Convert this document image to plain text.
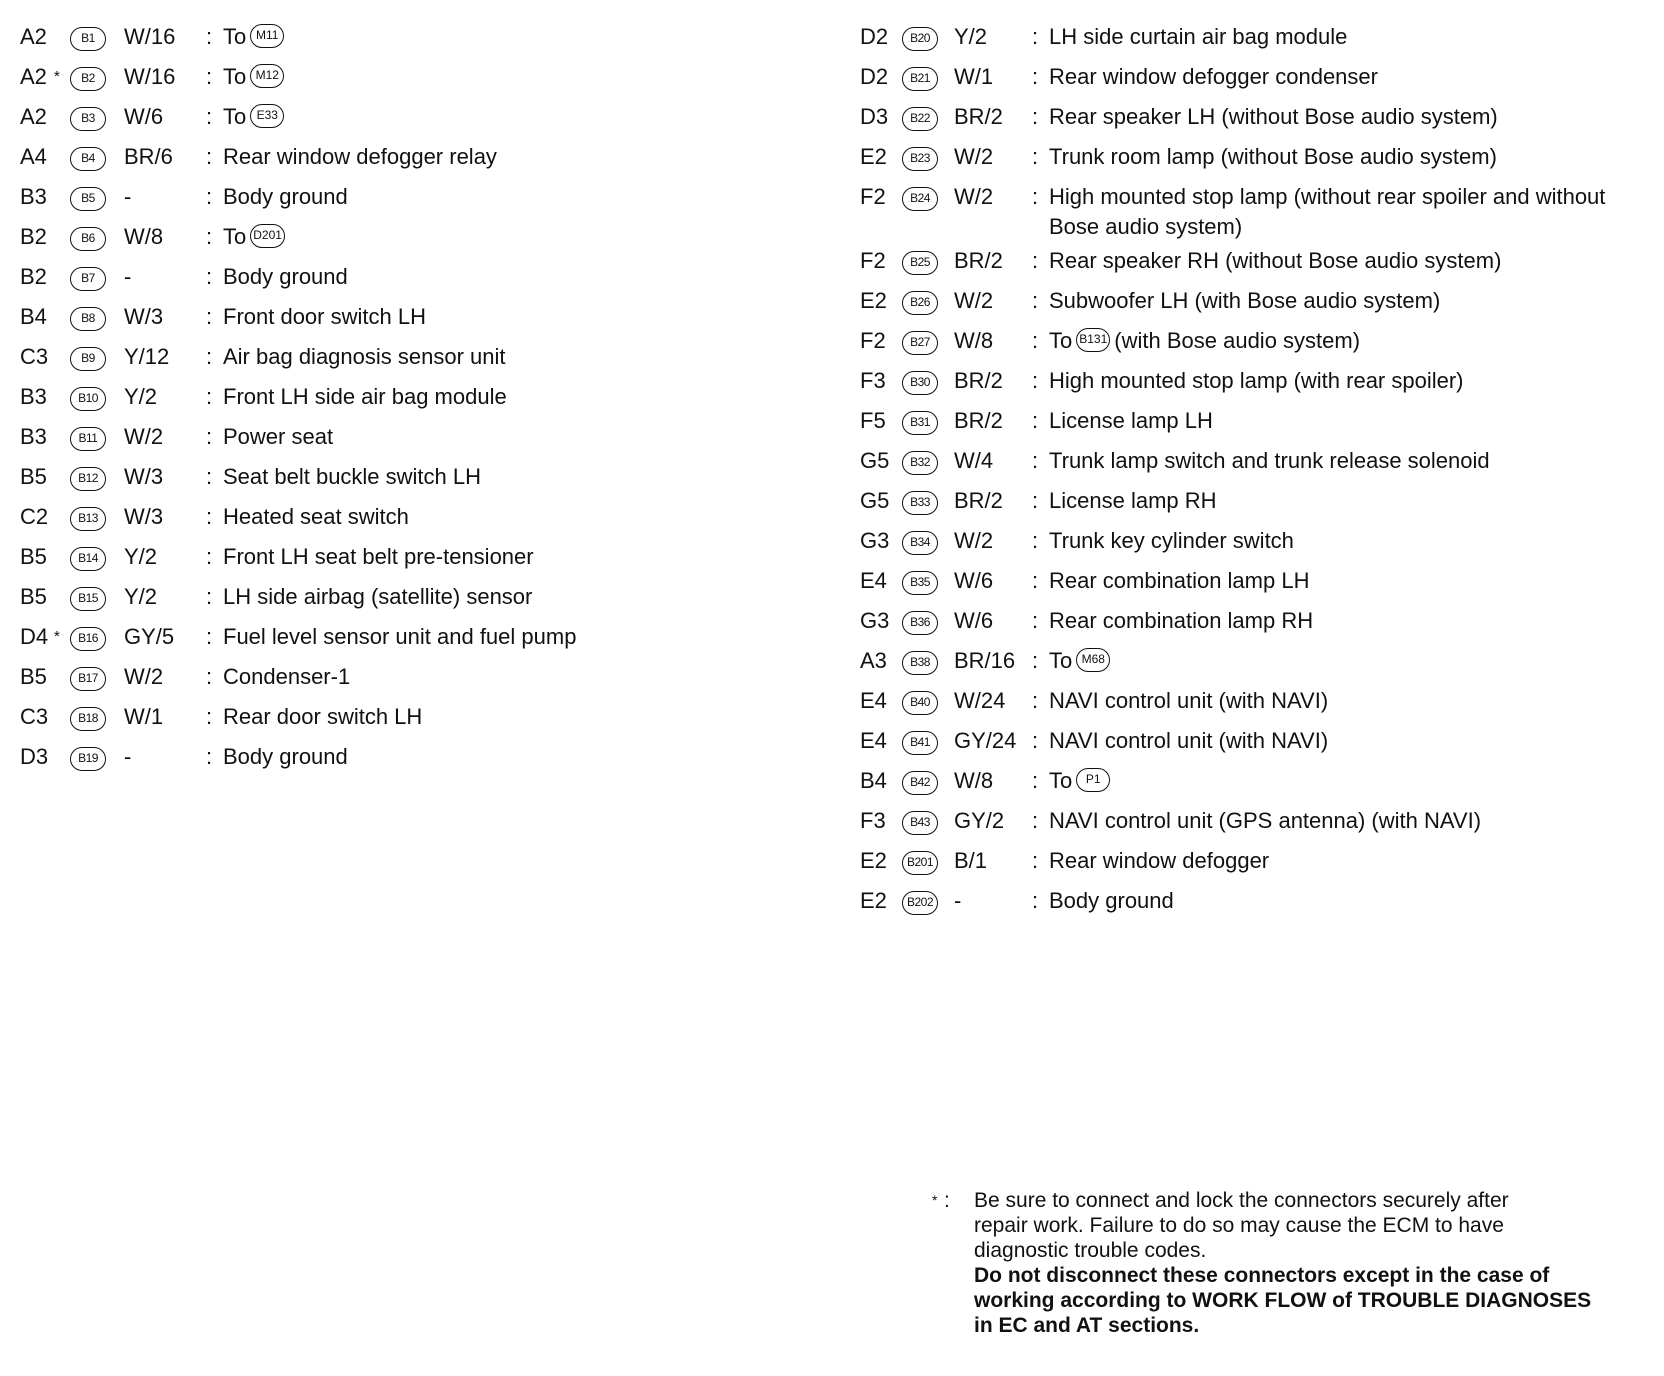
A2	B1	W/16 : To M11
A2 *	B2	W/16 : To M12
A2	B3	W/6 : To E33
A4	B4	BR/6 : Rear window defogger relay
B3	B5	-	: Body ground
B2	B6	W/8 : To D201
B2	B7	-	: Body ground
B4	B8	W/3 : Front door switch LH
C3	B9	Y/12 : Air bag diagnosis sensor unit
B3	B10	Y/2 : Front LH side air bag module
B3	B11	W/2 : Power seat
B5	B12	W/3 : Seat belt buckle switch LH
C2	B13	W/3 : Heated seat switch
B5	B14	Y/2 : Front LH seat belt pre-tensioner
B5	B15	Y/2 : LH side airbag (satellite) sensor
D4 *	B16	GY/5 : Fuel level sensor unit and fuel pump
B5	B17	W/2 : Condenser-1
C3	B18	W/1 : Rear door switch LH
D3	B19	-	: Body ground
D2	B20	Y/2 : LH side curtain air bag module
D2	B21	W/1 : Rear window defogger condenser
D3	B22	BR/2 : Rear speaker LH (without Bose audio system)
E2	B23	W/2 : Trunk room lamp (without Bose audio system)
F2	B24	W/2 : High mounted stop lamp (without rear spoiler and without
Bose audio system)
F2	B25	BR/2 : Rear speaker RH (without Bose audio system)
E2	B26	W/2 : Subwoofer LH (with Bose audio system)
F2	B27	W/8 : To B131 (with Bose audio system)
F3	B30	BR/2 : High mounted stop lamp (with rear spoiler)
F5	B31	BR/2 : License lamp LH
G5	B32	W/4 : Trunk lamp switch and trunk release solenoid
G5	B33	BR/2 : License lamp RH
G3	B34	W/2 : Trunk key cylinder switch
E4	B35	W/6 : Rear combination lamp LH
G3	B36	W/6 : Rear combination lamp RH
A3	B38	BR/16 : To M68
E4	B40	W/24 : NAVI control unit (with NAVI)
E4	B41	GY/24 : NAVI control unit (with NAVI)
B4	B42	W/8 : To P1
F3	B43	GY/2 : NAVI control unit (GPS antenna) (with NAVI)
E2	B201 B/1 : Rear window defogger
E2	B202 -	: Body ground
* : Be sure to connect and lock the connectors securely after
repair work. Failure to do so may cause the ECM to have
diagnostic trouble codes.
Do not disconnect these connectors except in the case of
working according to WORK FLOW of TROUBLE DIAGNOSES
in EC and AT sections.
